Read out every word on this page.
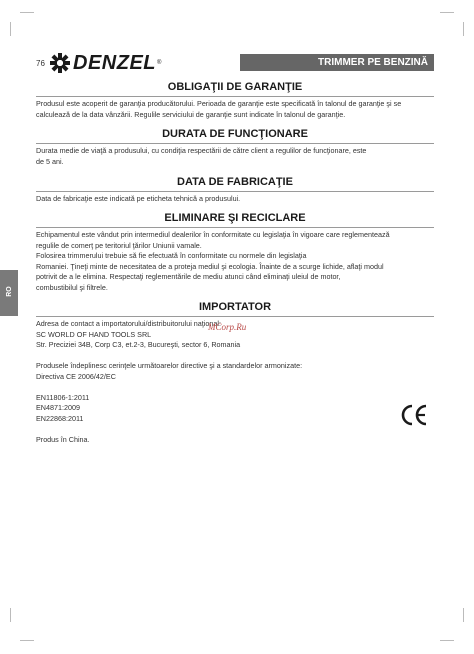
76 DENZEL ®	TRIMMER PE BENZINĂ
RO
OBLIGAŢII DE GARANŢIE
Produsul este acoperit de garanţia producătorului. Perioada de garanţie este specificată în talonul de garanţie şi se
calculează de la data vânzării. Regulile serviciului de garanţie sunt indicate în talonul de garanţie.
DURATA DE FUNCŢIONARE
Durata medie de viaţă a produsului, cu condiţia respectării de către client a regulilor de funcţionare, este
de 5 ani.
DATA DE FABRICAŢIE
Data de fabricaţie este indicată pe eticheta tehnică a produsului.
ELIMINARE ŞI RECICLARE
Echipamentul este vândut prin intermediul dealerilor în conformitate cu legislaţia în vigoare care reglementează
regulile de comerţ pe teritoriul ţărilor Uniunii vamale.
Folosirea trimmerului trebuie să fie efectuată în conformitate cu normele din legislaţia
Romaniei. Ţineţi minte de necesitatea de a proteja mediul şi ecologia. Înainte de a scurge lichide, aflaţi modul
potrivit de a le elimina. Respectaţi reglementările de mediu atunci când eliminaţi uleiul de motor,
combustibilul şi filtrele.
IMPORTATOR
Adresa de contact a importatorului/distribuitorului naţional:
SC WORLD OF HAND TOOLS SRL
Str. Preciziei 34B, Corp C3, et.2-3, Bucureşti, sector 6, Romania
Produsele îndeplinesc cerinţele următoarelor directive şi a standardelor armonizate:
Directiva CE 2006/42/EC
EN11806-1:2011
EN4871:2009
EN22868:2011
Produs în China.
MCorp.Ru
